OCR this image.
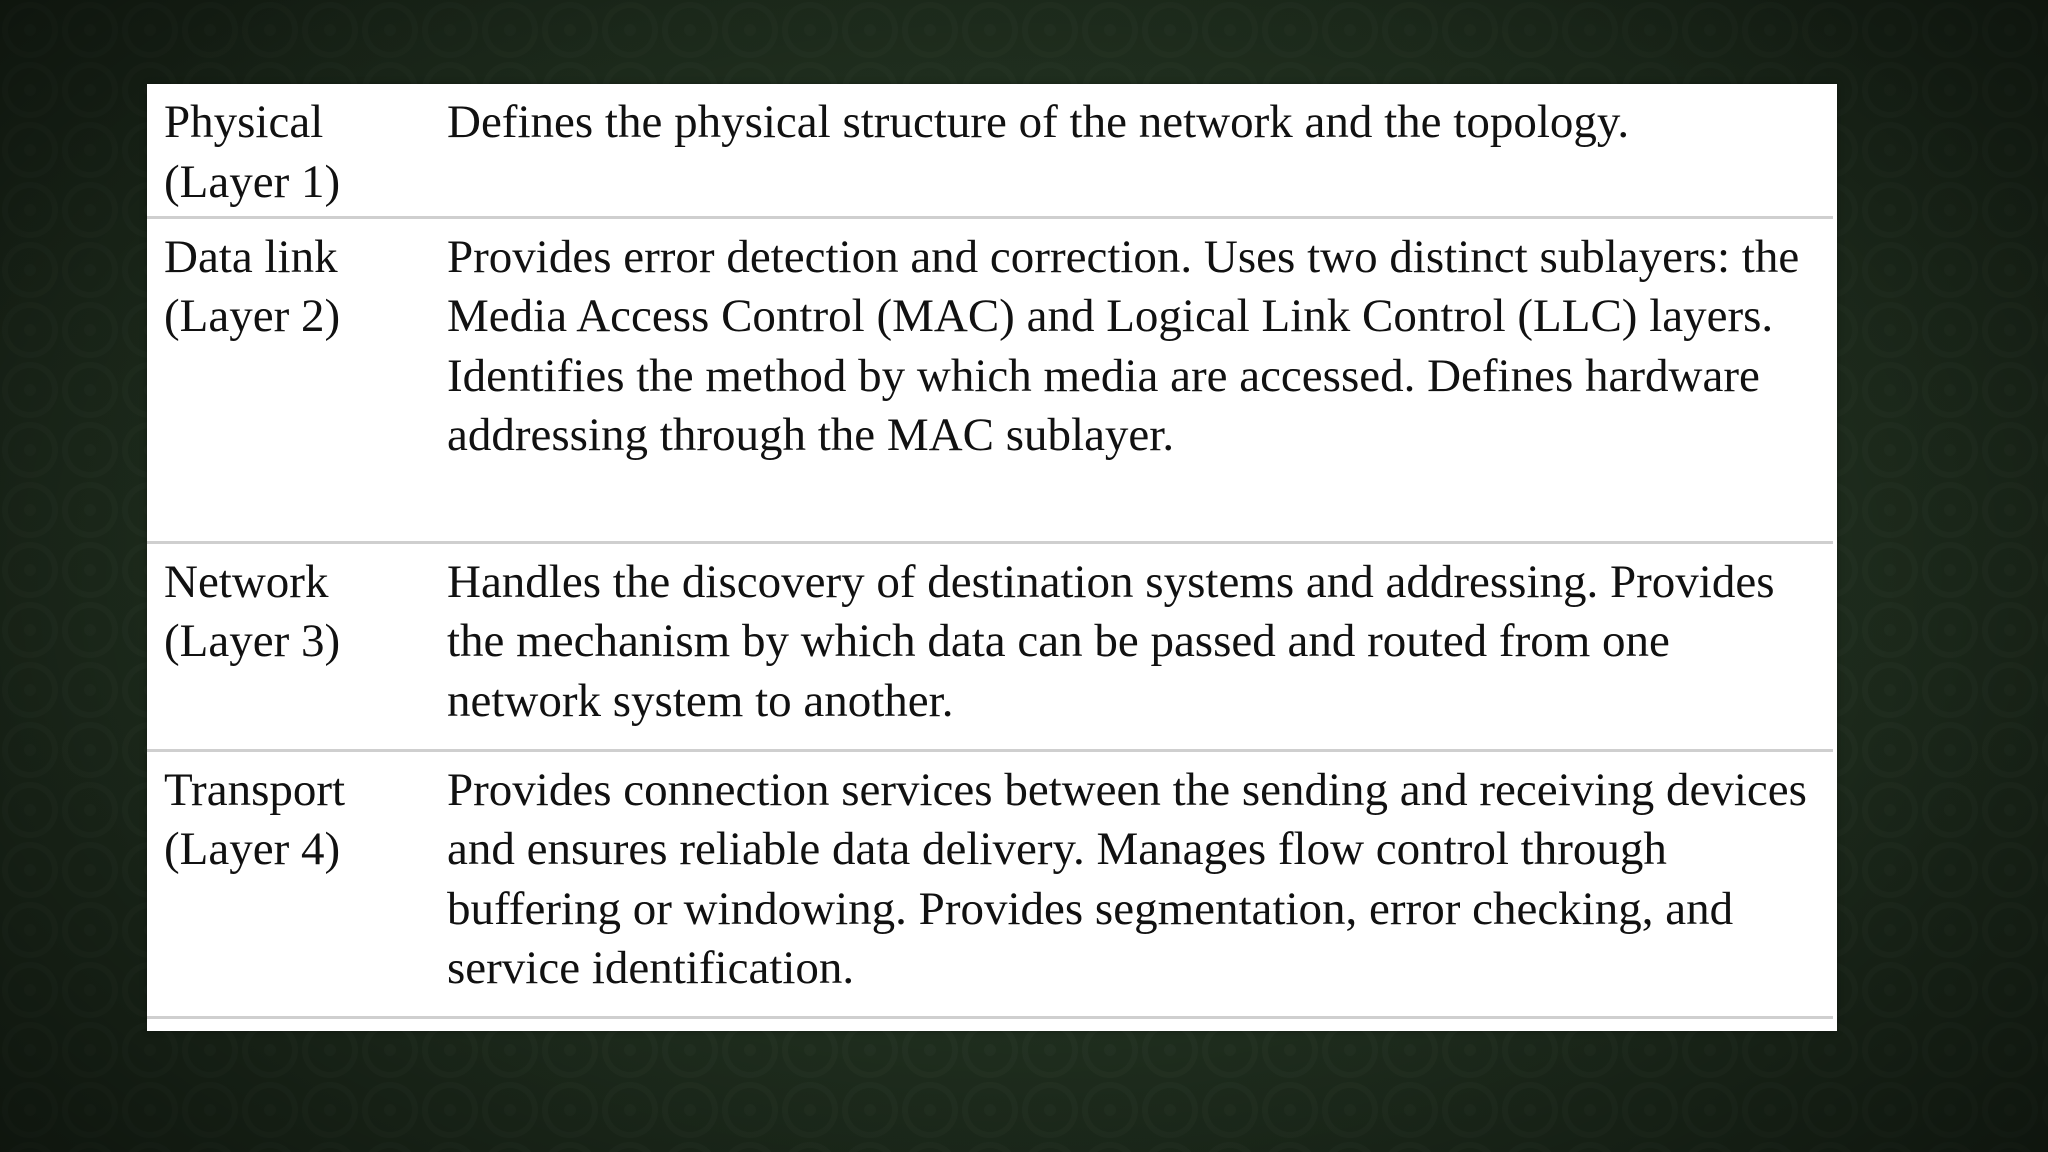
Physical
(Layer 1)	Defines the physical structure of the network and the topology.

Data link
(Layer 2)	Provides error detection and correction. Uses two distinct sublayers: the Media Access Control (MAC) and Logical Link Control (LLC) layers. Identifies the method by which media are accessed. Defines hardware addressing through the MAC sublayer.

Network
(Layer 3)	Handles the discovery of destination systems and addressing. Provides the mechanism by which data can be passed and routed from one network system to another.

Transport
(Layer 4)	Provides connection services between the sending and receiving devices and ensures reliable data delivery. Manages flow control through buffering or windowing. Provides segmentation, error checking, and service identification.
